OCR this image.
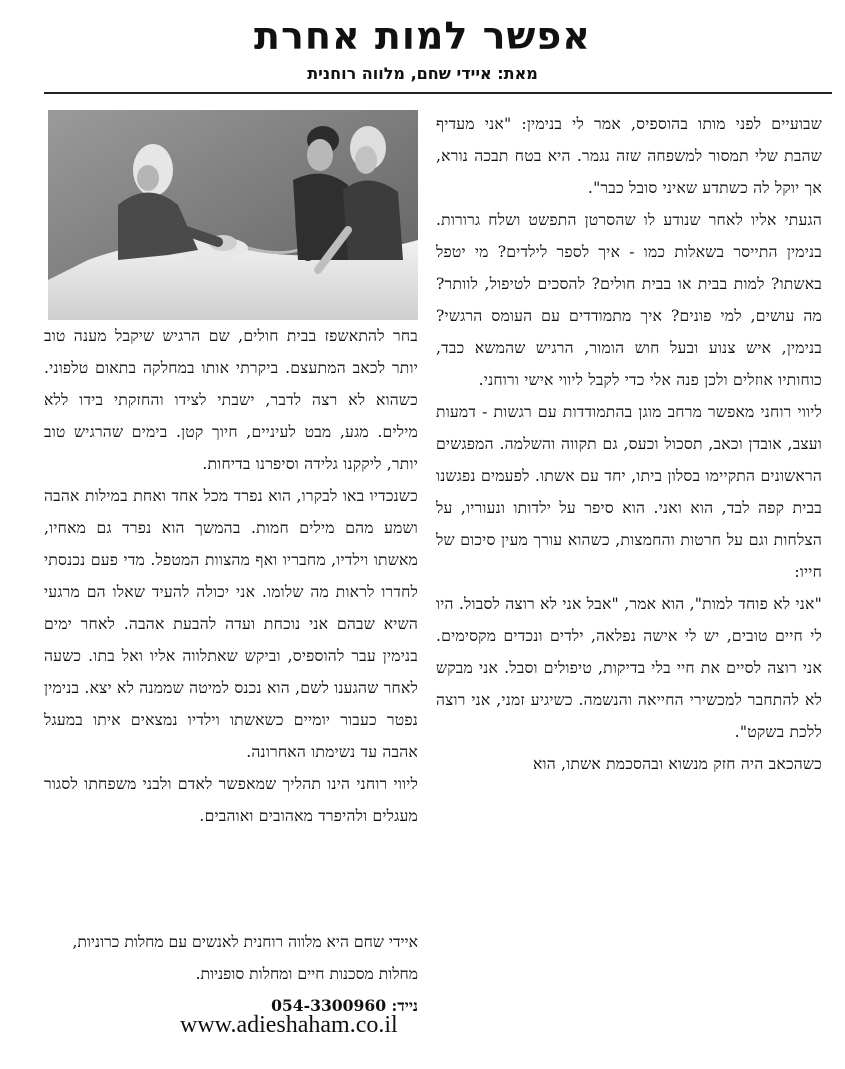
אפשר למות אחרת
מאת: איידי שחם, מלווה רוחנית

שבועיים לפני מותו בהוספיס, אמר לי בנימין: "אני מעדיף שהבת שלי תמסור למשפחה שזה נגמר. היא בטח תבכה נורא, אך יוקל לה כשתדע שאיני סובל כבר".

הגעתי אליו לאחר שנודע לו שהסרטן התפשט ושלח גרורות. בנימין התייסר בשאלות כמו - איך לספר לילדים? מי יטפל באשתו? למות בבית או בבית חולים? להסכים לטיפול, לוותר? מה עושים, למי פונים? איך מתמודדים עם העומס הרגשי? בנימין, איש צנוע ובעל חוש הומור, הרגיש שהמשא כבד, כוחותיו אוזלים ולכן פנה אלי כדי לקבל ליווי אישי ורוחני.

ליווי רוחני מאפשר מרחב מוגן בהתמודדות עם רגשות - דמעות ועצב, אובדן וכאב, תסכול וכעס, גם תקווה והשלמה. המפגשים הראשונים התקיימו בסלון ביתו, יחד עם אשתו. לפעמים נפגשנו בבית קפה לבד, הוא ואני. הוא סיפר על ילדותו ונעוריו, על הצלחות וגם על חרטות והחמצות, כשהוא עורך מעין סיכום של חייו:

"אני לא פוחד למות", הוא אמר, "אבל אני לא רוצה לסבול. היו לי חיים טובים, יש לי אישה נפלאה, ילדים ונכדים מקסימים. אני רוצה לסיים את חיי בלי בדיקות, טיפולים וסבל. אני מבקש לא להתחבר למכשירי החייאה והנשמה. כשיגיע זמני, אני רוצה ללכת בשקט".

כשהכאב היה חזק מנשוא ובהסכמת אשתו, הוא

בחר להתאשפז בבית חולים, שם הרגיש שיקבל מענה טוב יותר לכאב המתעצם. ביקרתי אותו במחלקה בתאום טלפוני. כשהוא לא רצה לדבר, ישבתי לצידו והחזקתי בידו ללא מילים. מגע, מבט לעיניים, חיוך קטן. בימים שהרגיש טוב יותר, ליקקנו גלידה וסיפרנו בדיחות.

כשנכדיו באו לבקרו, הוא נפרד מכל אחד ואחת במילות אהבה ושמע מהם מילים חמות. בהמשך הוא נפרד גם מאחיו, מאשתו וילדיו, מחבריו ואף מהצוות המטפל. מדי פעם נכנסתי לחדרו לראות מה שלומו. אני יכולה להעיד שאלו הם מרגעי השיא שבהם אני נוכחת ועדה להבעת אהבה. לאחר ימים בנימין עבר להוספיס, וביקש שאתלווה אליו ואל בתו. כשעה לאחר שהגענו לשם, הוא נכנס למיטה שממנה לא יצא. בנימין נפטר כעבור יומיים כשאשתו וילדיו נמצאים איתו במעגל אהבה עד נשימתו האחרונה.

ליווי רוחני הינו תהליך שמאפשר לאדם ולבני משפחתו לסגור מעגלים ולהיפרד מאהובים ואוהבים.

איידי שחם היא מלווה רוחנית לאנשים עם מחלות כרוניות, מחלות מסכנות חיים ומחלות סופניות.

נייד: 054-3300960

www.adieshaham.co.il
